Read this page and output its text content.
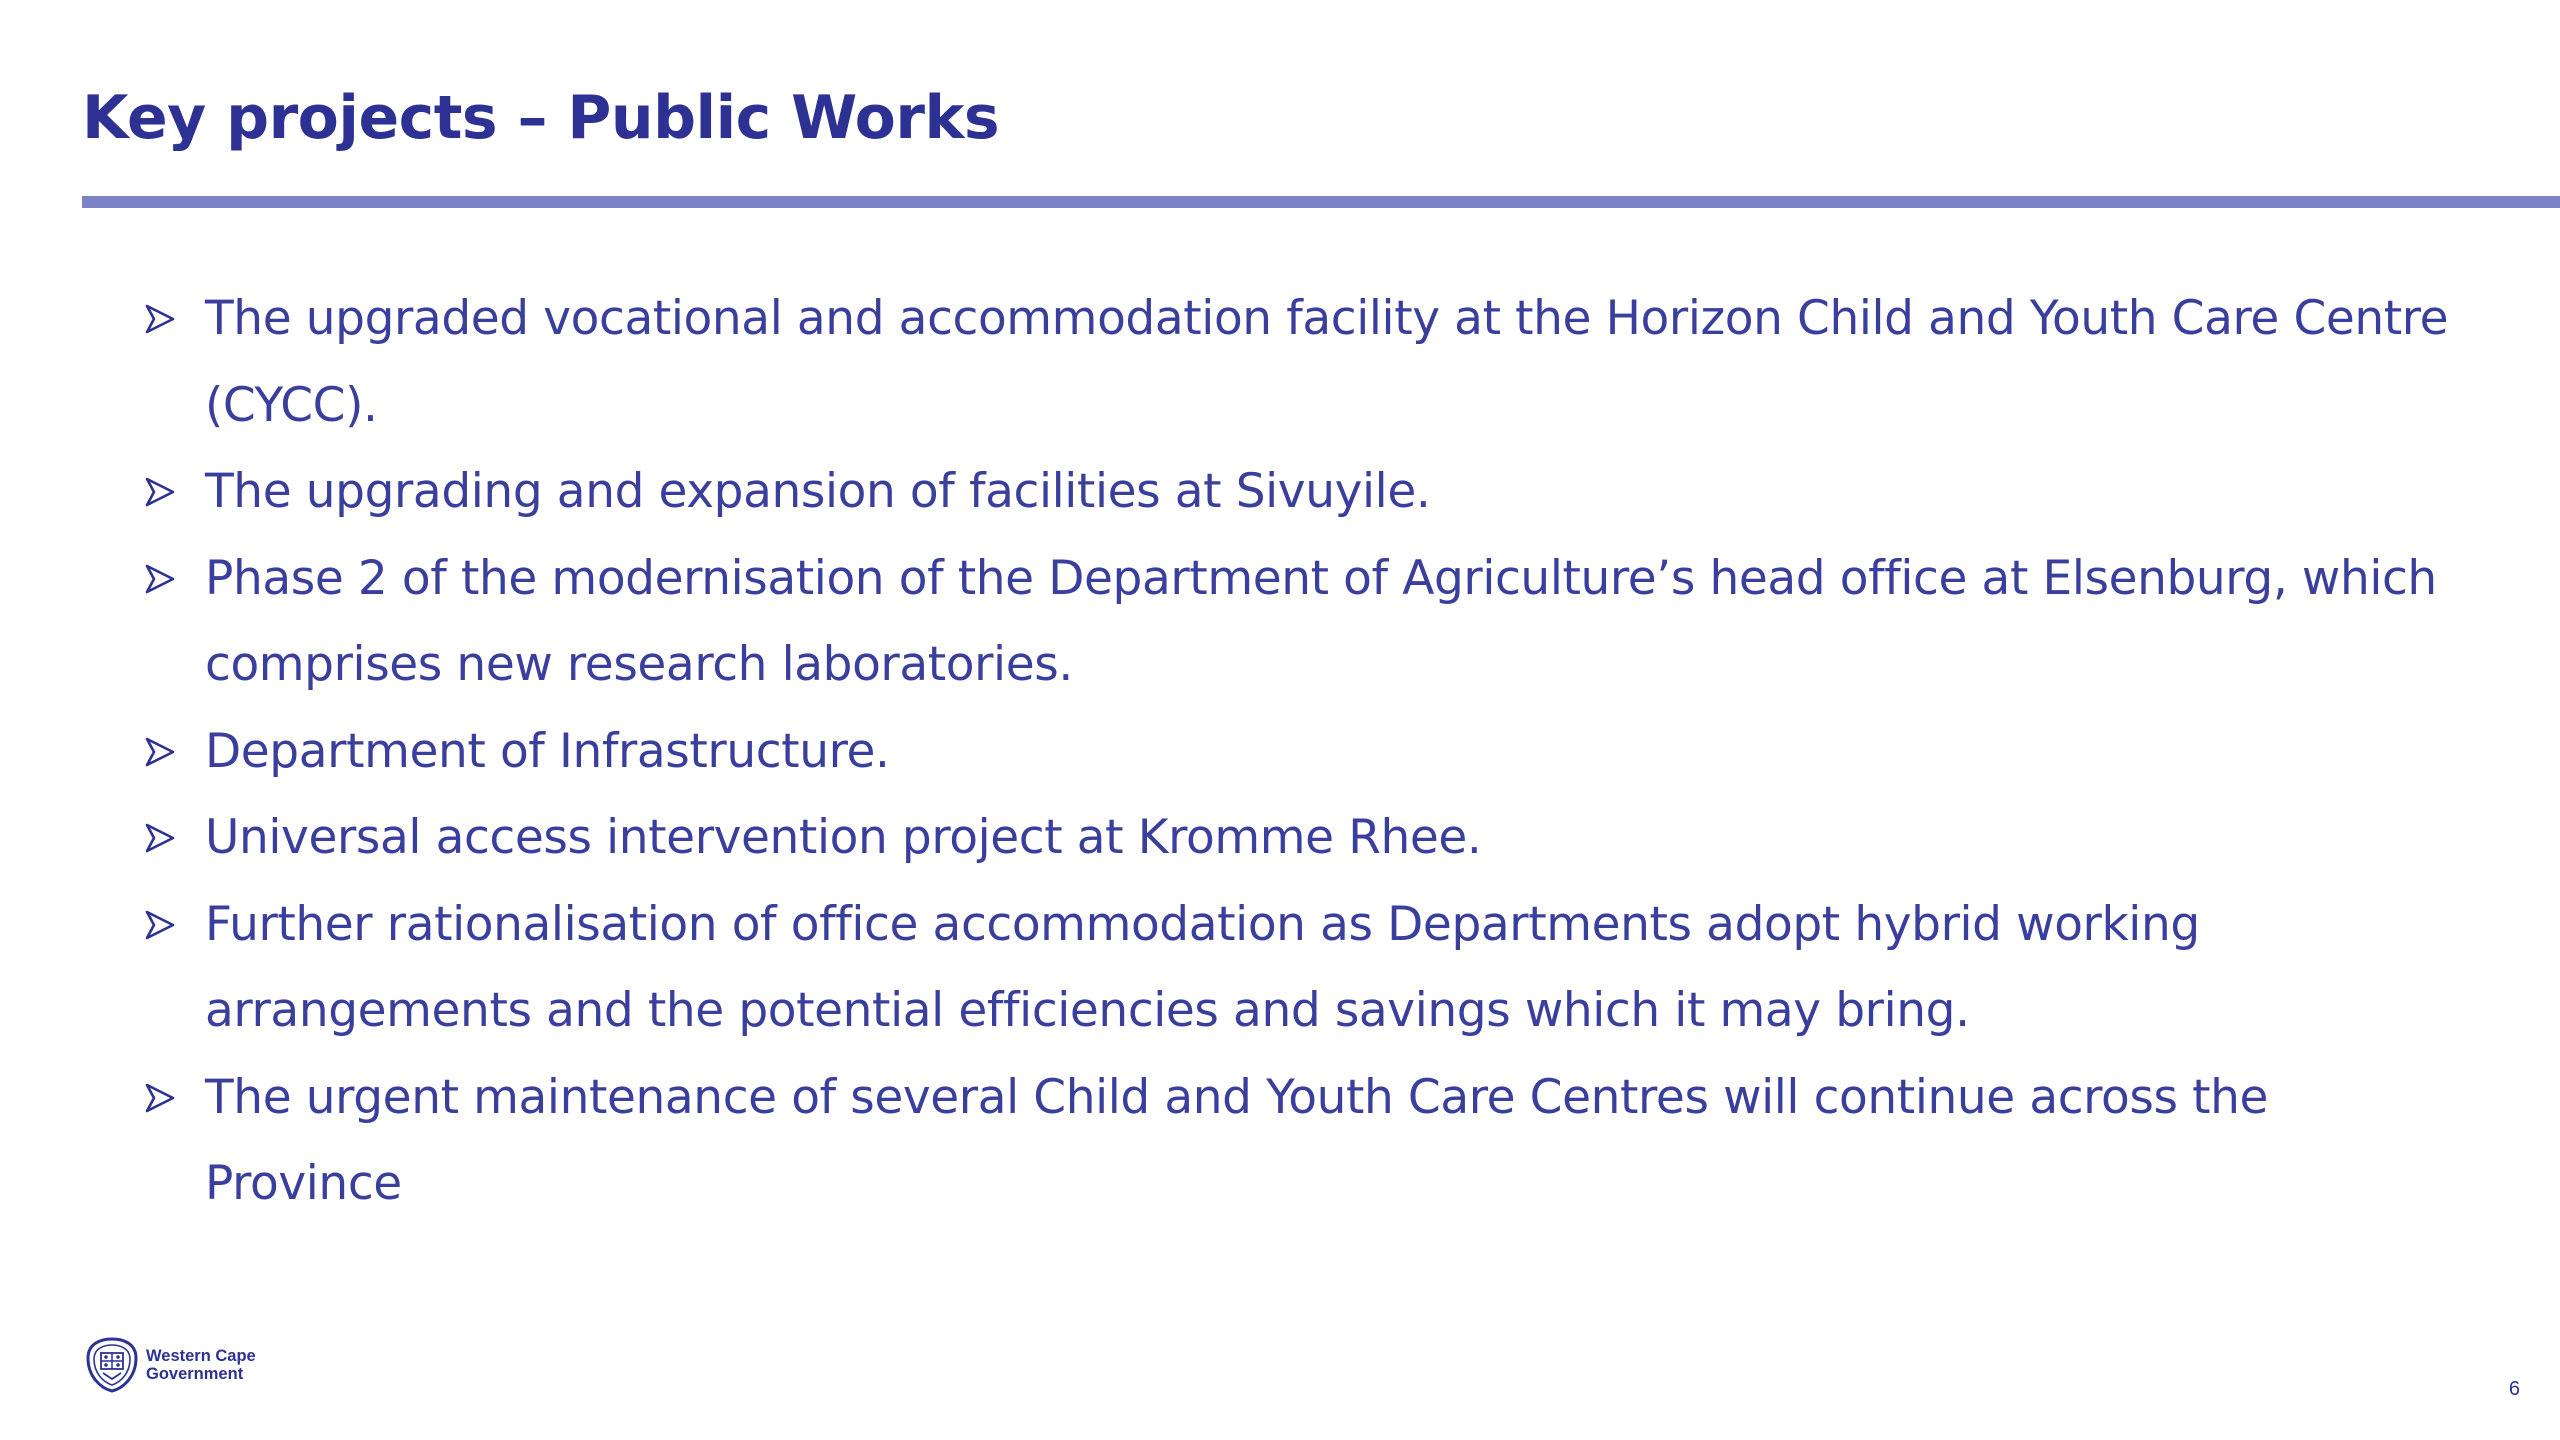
Key projects – Public Works
The upgraded vocational and accommodation facility at the Horizon Child and Youth Care Centre (CYCC).
The upgrading and expansion of facilities at Sivuyile.
Phase 2 of the modernisation of the Department of Agriculture’s head office at Elsenburg, which comprises new research laboratories.
Department of Infrastructure.
Universal access intervention project at Kromme Rhee.
Further rationalisation of office accommodation as Departments adopt hybrid working arrangements and the potential efficiencies and savings which it may bring.
The urgent maintenance of several Child and Youth Care Centres will continue across the Province
Western Cape
Government
6
